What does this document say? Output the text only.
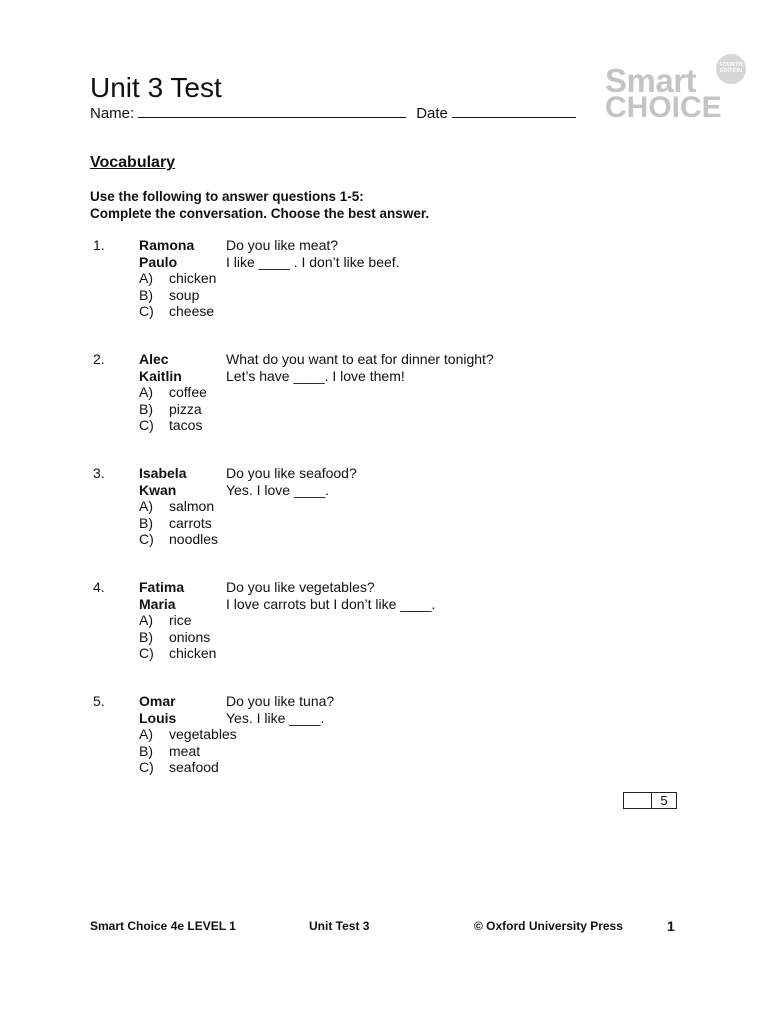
Unit 3 Test
Name:	Date
Smart
CHOICE
FOURTH EDITION
Vocabulary
Use the following to answer questions 1-5:
Complete the conversation. Choose the best answer.
1. Ramona Do you like meat?
Paulo	I like ____ . I don’t like beef.
A) chicken
B) soup
C) cheese
2. Alec	What do you want to eat for dinner tonight?
Kaitlin	Let’s have ____. I love them!
A) coffee
B) pizza
C) tacos
3. Isabela	Do you like seafood?
Kwan	Yes. I love ____.
A) salmon
B) carrots
C) noodles
4. Fatima	Do you like vegetables?
Maria	I love carrots but I don’t like ____.
A) rice
B) onions
C) chicken
5. Omar	Do you like tuna?
Louis	Yes. I like ____.
A) vegetables
B) meat
C) seafood
5
Smart Choice 4e LEVEL 1	Unit Test 3	© Oxford University Press	1
